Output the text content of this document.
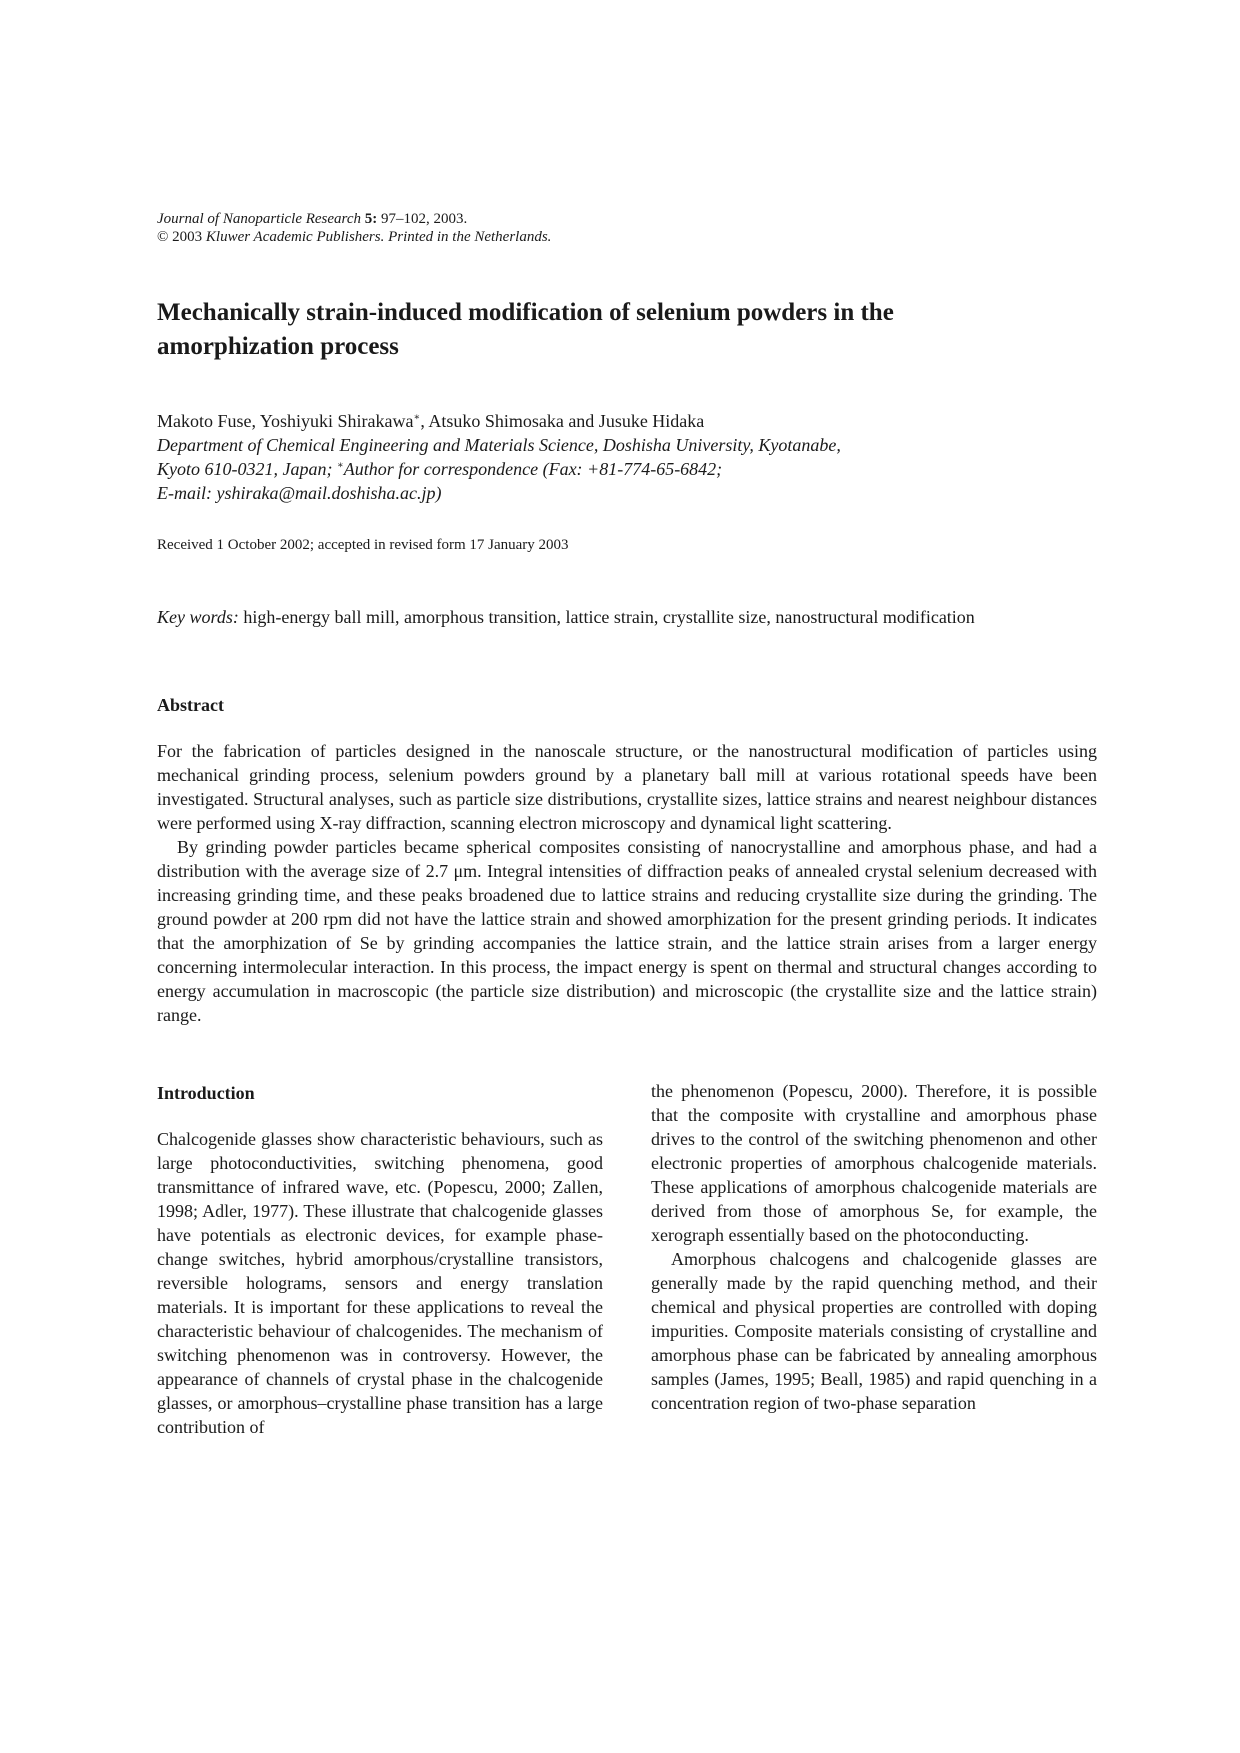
Journal of Nanoparticle Research 5: 97–102, 2003.
© 2003 Kluwer Academic Publishers. Printed in the Netherlands.
Mechanically strain-induced modification of selenium powders in the amorphization process
Makoto Fuse, Yoshiyuki Shirakawa∗, Atsuko Shimosaka and Jusuke Hidaka
Department of Chemical Engineering and Materials Science, Doshisha University, Kyotanabe,
Kyoto 610-0321, Japan; ∗Author for correspondence (Fax: +81-774-65-6842;
E-mail: yshiraka@mail.doshisha.ac.jp)
Received 1 October 2002; accepted in revised form 17 January 2003
Key words: high-energy ball mill, amorphous transition, lattice strain, crystallite size, nanostructural modification
Abstract

For the fabrication of particles designed in the nanoscale structure, or the nanostructural modification of particles using mechanical grinding process, selenium powders ground by a planetary ball mill at various rotational speeds have been investigated. Structural analyses, such as particle size distributions, crystallite sizes, lattice strains and nearest neighbour distances were performed using X-ray diffraction, scanning electron microscopy and dynamical light scattering.

By grinding powder particles became spherical composites consisting of nanocrystalline and amorphous phase, and had a distribution with the average size of 2.7 μm. Integral intensities of diffraction peaks of annealed crystal selenium decreased with increasing grinding time, and these peaks broadened due to lattice strains and reducing crystallite size during the grinding. The ground powder at 200 rpm did not have the lattice strain and showed amorphization for the present grinding periods. It indicates that the amorphization of Se by grinding accompanies the lattice strain, and the lattice strain arises from a larger energy concerning intermolecular interaction. In this process, the impact energy is spent on thermal and structural changes according to energy accumulation in macroscopic (the particle size distribution) and microscopic (the crystallite size and the lattice strain) range.

Introduction

Chalcogenide glasses show characteristic behaviours, such as large photoconductivities, switching phenomena, good transmittance of infrared wave, etc. (Popescu, 2000; Zallen, 1998; Adler, 1977). These illustrate that chalcogenide glasses have potentials as electronic devices, for example phase-change switches, hybrid amorphous/crystalline transistors, reversible holograms, sensors and energy translation materials. It is important for these applications to reveal the characteristic behaviour of chalcogenides. The mechanism of switching phenomenon was in controversy. However, the appearance of channels of crystal phase in the chalcogenide glasses, or amorphous–crystalline phase transition has a large contribution of

the phenomenon (Popescu, 2000). Therefore, it is possible that the composite with crystalline and amorphous phase drives to the control of the switching phenomenon and other electronic properties of amorphous chalcogenide materials. These applications of amorphous chalcogenide materials are derived from those of amorphous Se, for example, the xerograph essentially based on the photoconducting.

Amorphous chalcogens and chalcogenide glasses are generally made by the rapid quenching method, and their chemical and physical properties are controlled with doping impurities. Composite materials consisting of crystalline and amorphous phase can be fabricated by annealing amorphous samples (James, 1995; Beall, 1985) and rapid quenching in a concentration region of two-phase separation
